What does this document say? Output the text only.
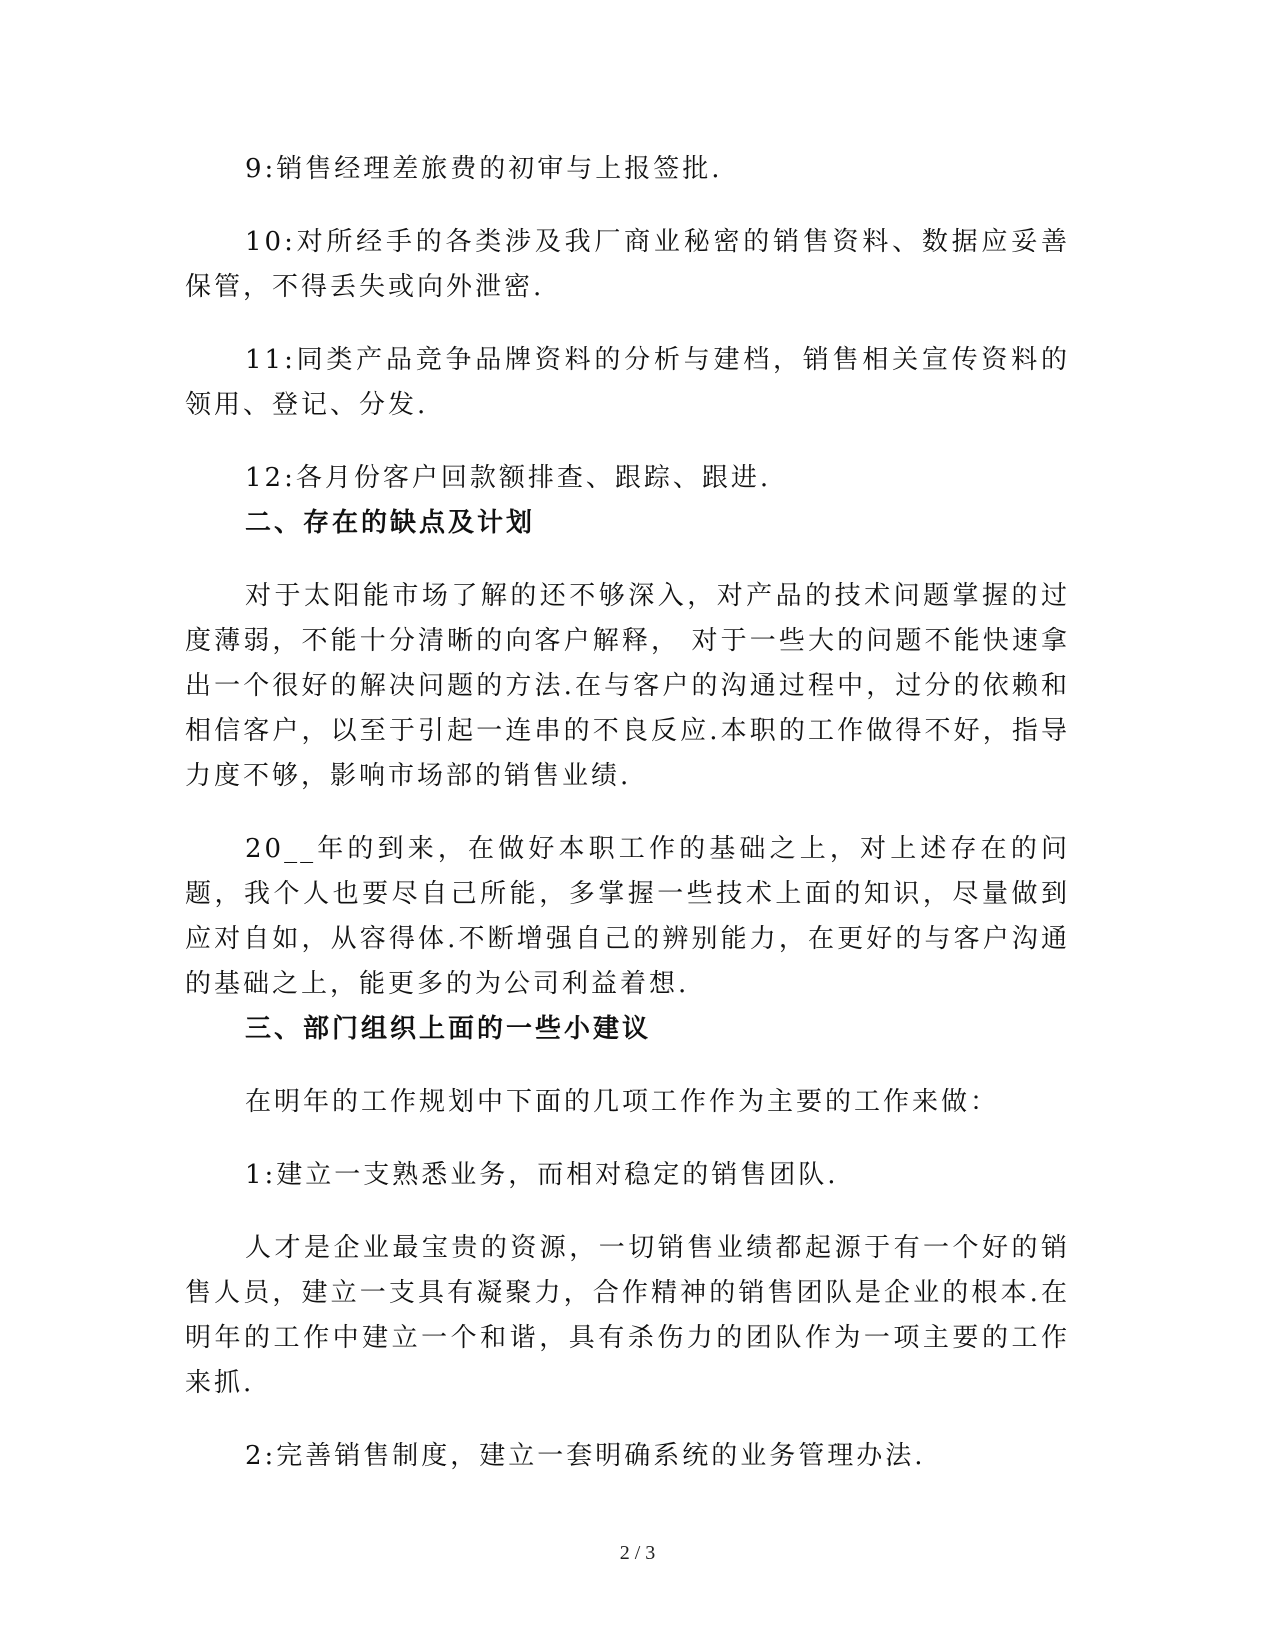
9:销售经理差旅费的初审与上报签批.

10:对所经手的各类涉及我厂商业秘密的销售资料、数据应妥善保管，不得丢失或向外泄密.

11:同类产品竞争品牌资料的分析与建档，销售相关宣传资料的领用、登记、分发.

12:各月份客户回款额排查、跟踪、跟进.

二、存在的缺点及计划

对于太阳能市场了解的还不够深入，对产品的技术问题掌握的过度薄弱，不能十分清晰的向客户解释， 对于一些大的问题不能快速拿出一个很好的解决问题的方法.在与客户的沟通过程中，过分的依赖和相信客户，以至于引起一连串的不良反应.本职的工作做得不好，指导力度不够，影响市场部的销售业绩.

20__年的到来，在做好本职工作的基础之上，对上述存在的问题，我个人也要尽自己所能，多掌握一些技术上面的知识，尽量做到应对自如，从容得体.不断增强自己的辨别能力，在更好的与客户沟通的基础之上，能更多的为公司利益着想.

三、部门组织上面的一些小建议

在明年的工作规划中下面的几项工作作为主要的工作来做：

1:建立一支熟悉业务，而相对稳定的销售团队.

人才是企业最宝贵的资源，一切销售业绩都起源于有一个好的销售人员，建立一支具有凝聚力，合作精神的销售团队是企业的根本.在明年的工作中建立一个和谐，具有杀伤力的团队作为一项主要的工作来抓.

2:完善销售制度，建立一套明确系统的业务管理办法.

2 / 3
